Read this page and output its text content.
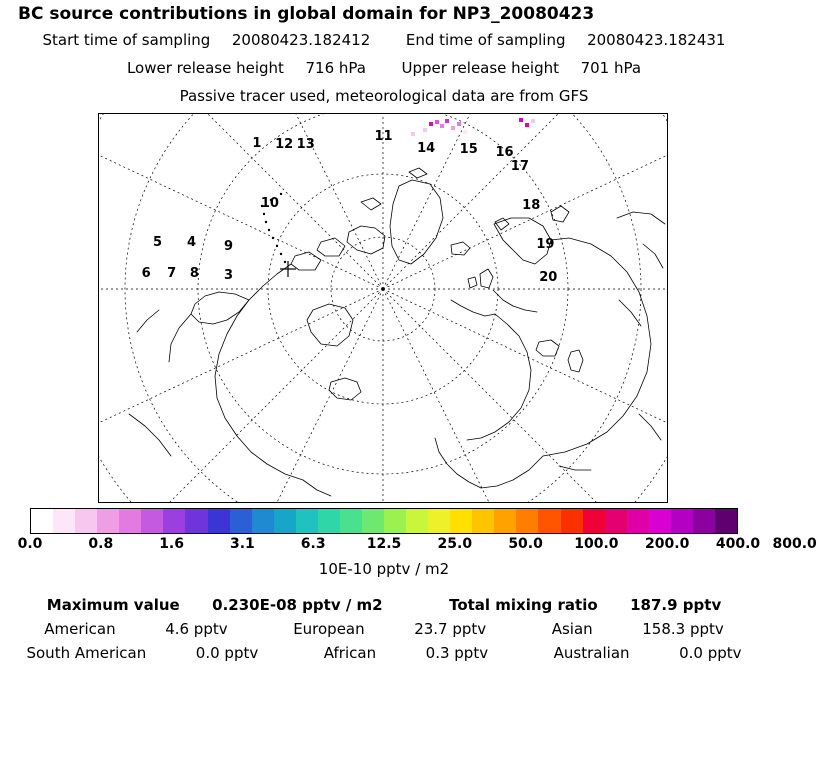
BC source contributions in global domain for NP3_20080423
Start time of sampling 20080423.182412 End time of sampling 20080423.182431
Lower release height 716 hPa Upper release height 701 hPa
Passive tracer used, meteorological data are from GFS
11
12 13	14 15 16
1
17
18
19
20
10
5
6 7
4
8
9
3
0.0	0.8	1.6	3.1	6.3	12.5	25.0	50.0 100.0 200.0 400.0 800.0
10E-10 pptv / m2
Maximum value 0.230E-08 pptv / m2	Total mixing ratio 187.9 pptv
American	4.6 pptv	European	23.7 pptv	Asian	158.3 pptv
South American	0.0 pptv	African	0.3 pptv	Australian	0.0 pptv
